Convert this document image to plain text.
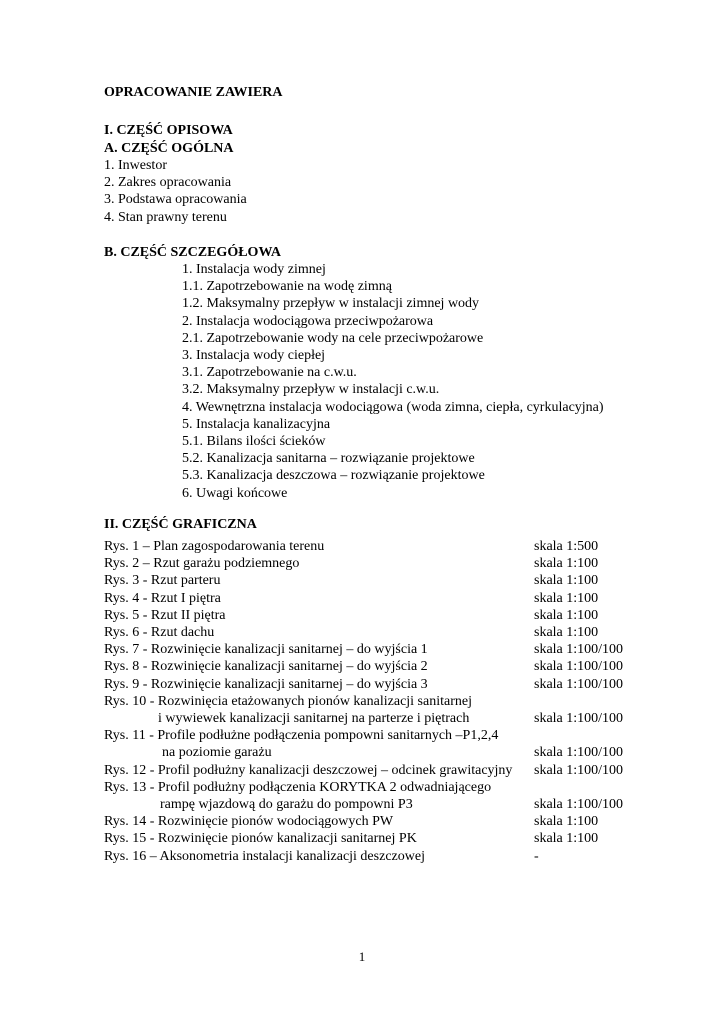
OPRACOWANIE ZAWIERA
I. CZĘŚĆ OPISOWA
A. CZĘŚĆ OGÓLNA
1. Inwestor
2. Zakres opracowania
3. Podstawa opracowania
4. Stan prawny terenu
B. CZĘŚĆ SZCZEGÓŁOWA
1. Instalacja wody zimnej
1.1. Zapotrzebowanie na wodę zimną
1.2. Maksymalny przepływ w instalacji zimnej wody
2. Instalacja wodociągowa przeciwpożarowa
2.1. Zapotrzebowanie wody na cele przeciwpożarowe
3. Instalacja wody ciepłej
3.1. Zapotrzebowanie na c.w.u.
3.2. Maksymalny przepływ w instalacji c.w.u.
4. Wewnętrzna instalacja wodociągowa (woda zimna, ciepła, cyrkulacyjna)
5. Instalacja kanalizacyjna
5.1. Bilans ilości ścieków
5.2. Kanalizacja sanitarna – rozwiązanie projektowe
5.3. Kanalizacja deszczowa – rozwiązanie projektowe
6. Uwagi końcowe
II. CZĘŚĆ GRAFICZNA
Rys. 1 – Plan zagospodarowania terenu	skala 1:500
Rys. 2 – Rzut garażu podziemnego	skala 1:100
Rys. 3 - Rzut parteru	skala 1:100
Rys. 4 - Rzut I piętra	skala 1:100
Rys. 5 - Rzut II piętra	skala 1:100
Rys. 6 - Rzut dachu	skala 1:100
Rys. 7 - Rozwinięcie kanalizacji sanitarnej – do wyjścia 1	skala 1:100/100
Rys. 8 - Rozwinięcie kanalizacji sanitarnej – do wyjścia 2	skala 1:100/100
Rys. 9 - Rozwinięcie kanalizacji sanitarnej – do wyjścia 3	skala 1:100/100
Rys. 10 - Rozwinięcia etażowanych pionów kanalizacji sanitarnej
i wywiewek kanalizacji sanitarnej na parterze i piętrach	skala 1:100/100
Rys. 11 - Profile podłużne podłączenia pompowni sanitarnych –P1,2,4
na poziomie garażu	skala 1:100/100
Rys. 12 - Profil podłużny kanalizacji deszczowej – odcinek grawitacyjny skala 1:100/100
Rys. 13 - Profil podłużny podłączenia KORYTKA 2 odwadniającego
rampę wjazdową do garażu do pompowni P3	skala 1:100/100
Rys. 14 - Rozwinięcie pionów wodociągowych PW	skala 1:100
Rys. 15 - Rozwinięcie pionów kanalizacji sanitarnej PK	skala 1:100
Rys. 16 – Aksonometria instalacji kanalizacji deszczowej	-
1
